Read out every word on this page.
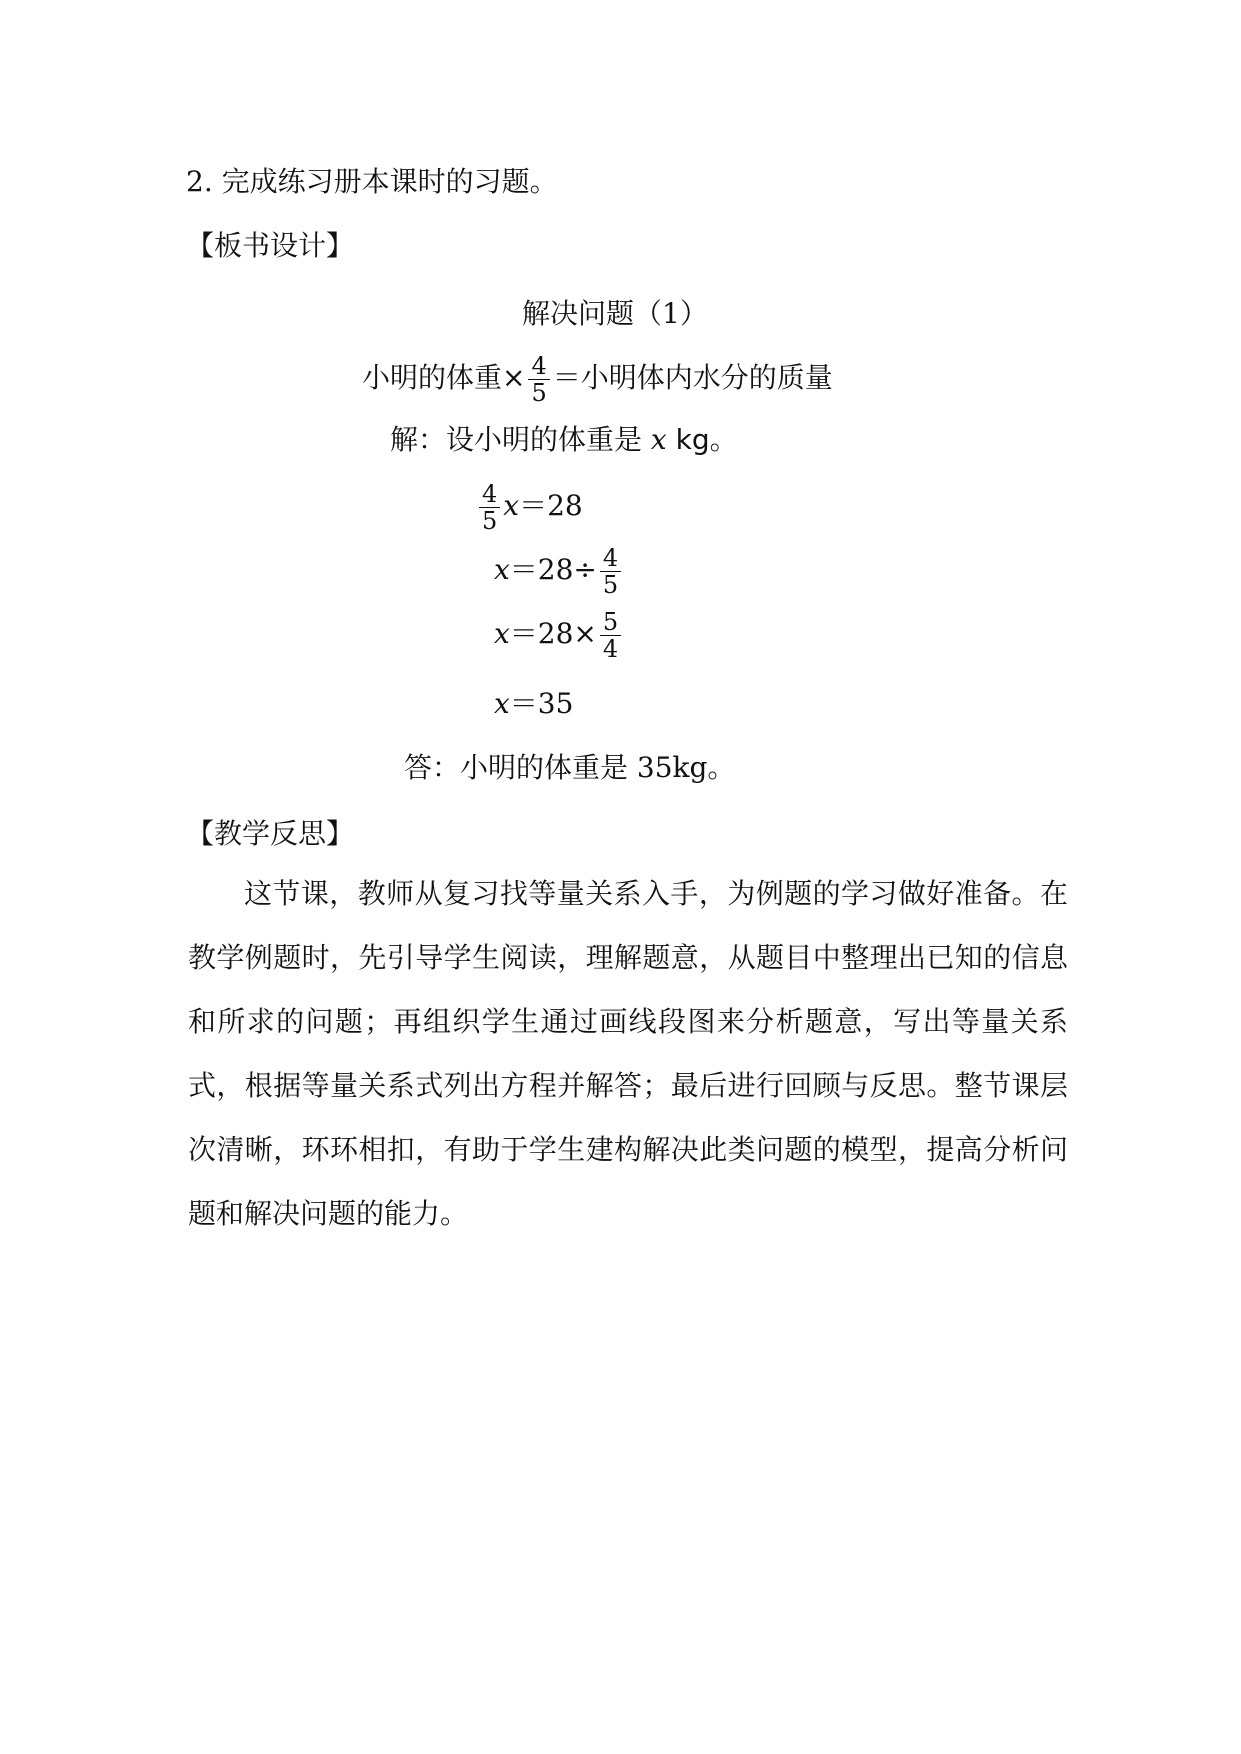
2. 完成练习册本课时的习题。
【板书设计】
解决问题（1）
小明的体重× $\frac{4}{5}$ ＝小明体内水分的质量
解：设小明的体重是 x kg。
$\frac{4}{5} x=28$
$x=28\div \frac{4}{5}$
$x=28\times \frac{5}{4}$
x＝35
答：小明的体重是 35kg。
【教学反思】
这节课，教师从复习找等量关系入手，为例题的学习做好准备。在教学例题时，先引导学生阅读，理解题意，从题目中整理出已知的信息和所求的问题；再组织学生通过画线段图来分析题意，写出等量关系式，根据等量关系式列出方程并解答；最后进行回顾与反思。整节课层次清晰，环环相扣，有助于学生建构解决此类问题的模型，提高分析问题和解决问题的能力。
